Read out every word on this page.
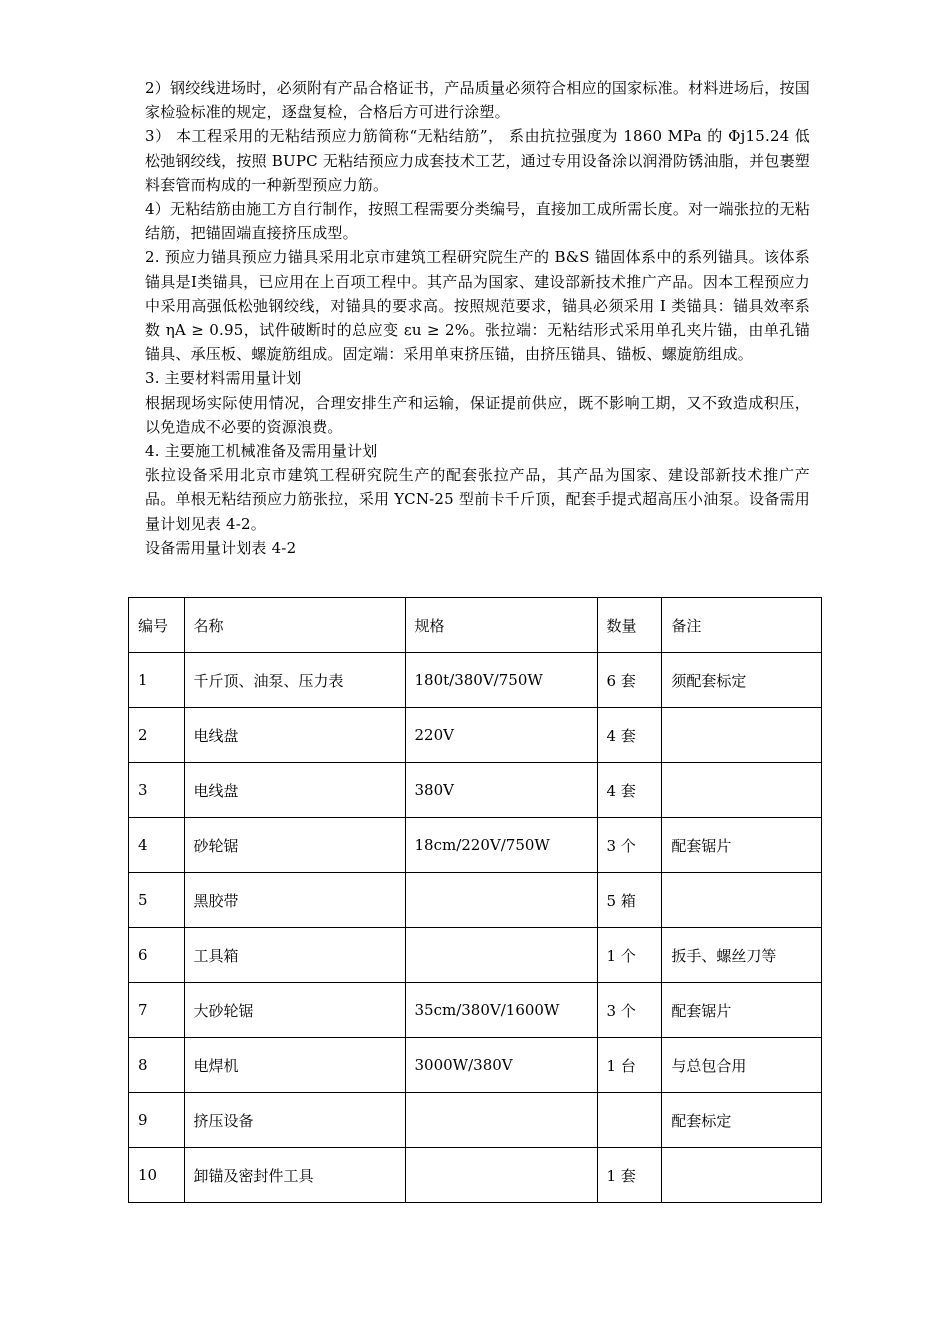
2）钢绞线进场时，必须附有产品合格证书，产品质量必须符合相应的国家标准。材料进场后，按国家检验标准的规定，逐盘复检，合格后方可进行涂塑。

3） 本工程采用的无粘结预应力筋简称“无粘结筋”， 系由抗拉强度为 1860 MPa 的 Φj15.24 低松弛钢绞线，按照 BUPC 无粘结预应力成套技术工艺，通过专用设备涂以润滑防锈油脂，并包裹塑料套管而构成的一种新型预应力筋。

4）无粘结筋由施工方自行制作，按照工程需要分类编号，直接加工成所需长度。对一端张拉的无粘结筋，把锚固端直接挤压成型。

2. 预应力锚具预应力锚具采用北京市建筑工程研究院生产的 B&S 锚固体系中的系列锚具。该体系锚具是Ⅰ类锚具，已应用在上百项工程中。其产品为国家、建设部新技术推广产品。因本工程预应力中采用高强低松弛钢绞线，对锚具的要求高。按照规范要求，锚具必须采用 I 类锚具：锚具效率系数 ηA ≥ 0.95，试件破断时的总应变 εu ≥ 2%。张拉端：无粘结形式采用单孔夹片锚，由单孔锚锚具、承压板、螺旋筋组成。固定端：采用单束挤压锚，由挤压锚具、锚板、螺旋筋组成。

3. 主要材料需用量计划

根据现场实际使用情况，合理安排生产和运输，保证提前供应，既不影响工期，又不致造成积压，以免造成不必要的资源浪费。

4. 主要施工机械准备及需用量计划

张拉设备采用北京市建筑工程研究院生产的配套张拉产品，其产品为国家、建设部新技术推广产品。单根无粘结预应力筋张拉，采用 YCN-25 型前卡千斤顶，配套手提式超高压小油泵。设备需用量计划见表 4-2。

设备需用量计划表 4-2

编号	名称	规格	数量	备注
1	千斤顶、油泵、压力表	180t/380V/750W	6 套	须配套标定
2	电线盘	220V	4 套	
3	电线盘	380V	4 套	
4	砂轮锯	18cm/220V/750W	3 个	配套锯片
5	黑胶带		5 箱	
6	工具箱		1 个	扳手、螺丝刀等
7	大砂轮锯	35cm/380V/1600W	3 个	配套锯片
8	电焊机	3000W/380V	1 台	与总包合用
9	挤压设备			配套标定
10	卸锚及密封件工具		1 套	
